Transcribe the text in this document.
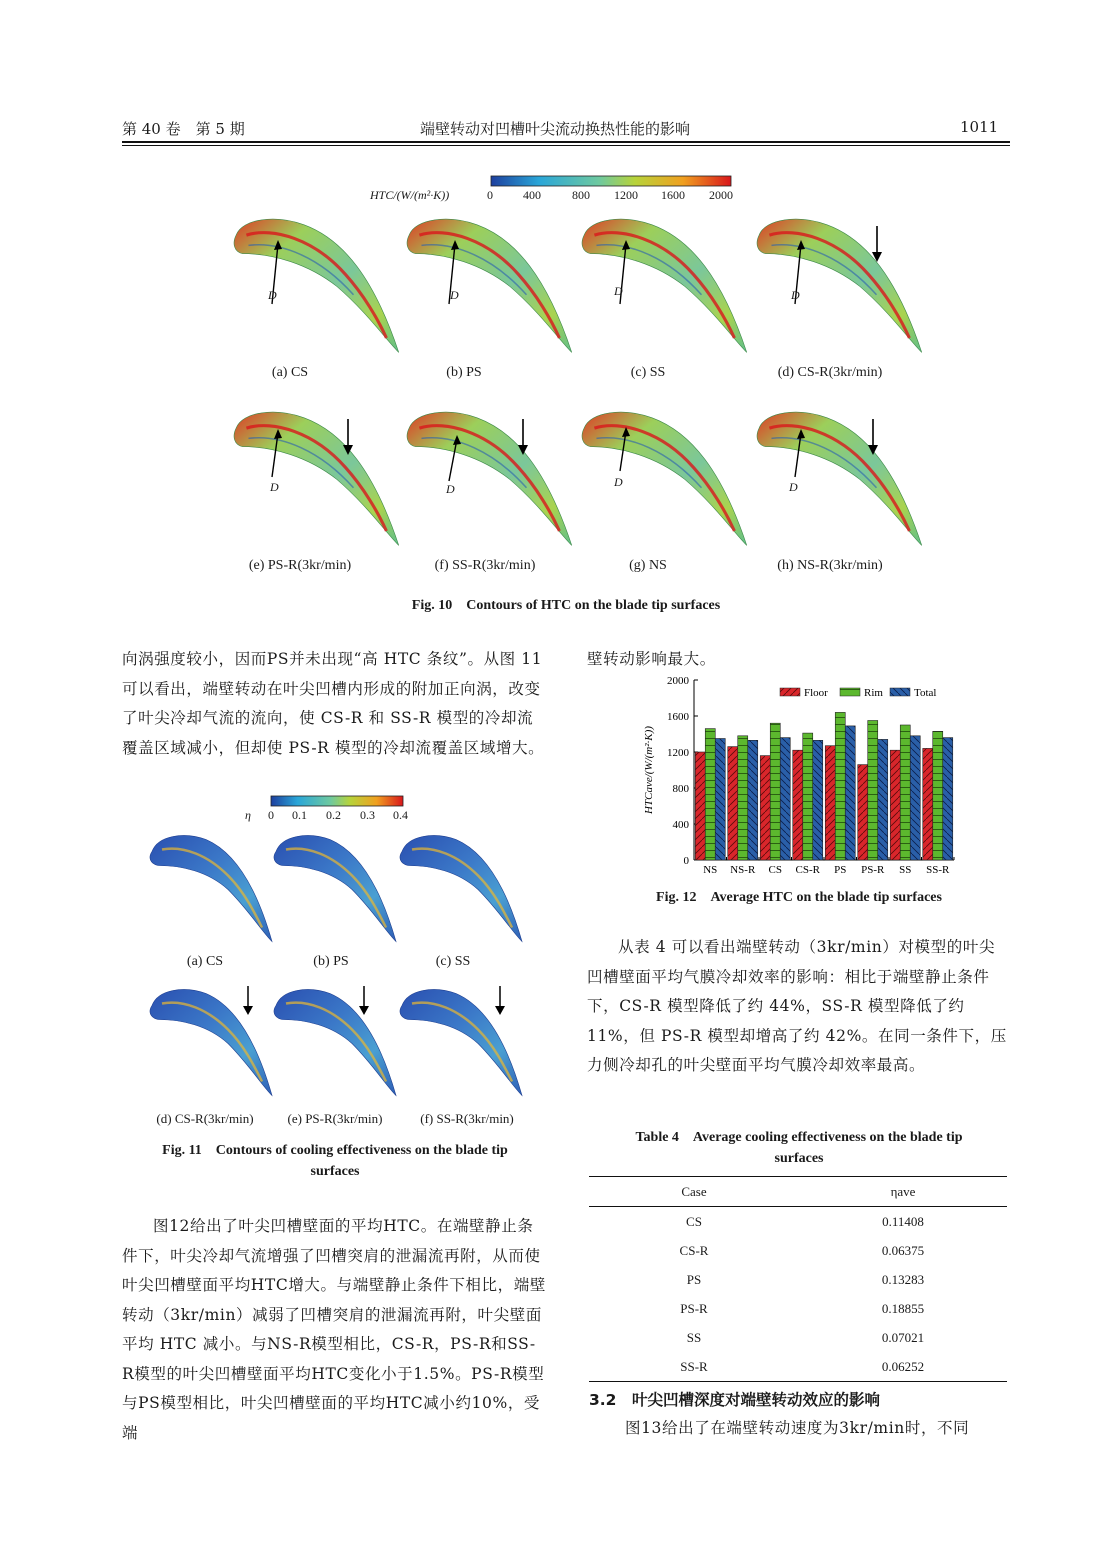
第 40 卷　第 5 期	端壁转动对凹槽叶尖流动换热性能的影响	1011
HTC/(W/(m²·K))	0	400	800 1200 1600 2000
D	D	D	D
(a) CS	(b) PS	(c) SS	(d) CS-R(3kr/min)
D	D	D	D
(e) PS-R(3kr/min)	(f) SS-R(3kr/min)	(g) NS	(h) NS-R(3kr/min)
Fig. 10　Contours of HTC on the blade tip surfaces
向涡强度较小，因而PS并未出现“高 HTC 条纹”。从图 11 可以看出，端壁转动在叶尖凹槽内形成的附加正向涡，改变了叶尖冷却气流的流向，使 CS-R 和 SS-R 模型的冷却流覆盖区域减小，但却使 PS-R 模型的冷却流覆盖区域增大。
η 0 0.1 0.2 0.3 0.4
(a) CS	(b) PS	(c) SS
(d) CS-R(3kr/min)	(e) PS-R(3kr/min)	(f) SS-R(3kr/min)
Fig. 11　Contours of cooling effectiveness on the blade tip
surfaces
图12给出了叶尖凹槽壁面的平均HTC。在端壁静止条件下，叶尖冷却气流增强了凹槽突肩的泄漏流再附，从而使叶尖凹槽壁面平均HTC增大。与端壁静止条件下相比，端壁转动（3kr/min）减弱了凹槽突肩的泄漏流再附，叶尖壁面平均 HTC 减小。与NS-R模型相比，CS-R，PS-R和SS-R模型的叶尖凹槽壁面平均HTC变化小于1.5%。PS-R模型与PS模型相比，叶尖凹槽壁面的平均HTC减小约10%，受端
壁转动影响最大。
0
400
800
1200
1600
2000
NS NS-R CS CS-R PS PS-R SS SS-R
Floor	Rim	Total
HTCave/(W/(m²·K))
Fig. 12　Average HTC on the blade tip surfaces
从表 4 可以看出端壁转动（3kr/min）对模型的叶尖凹槽壁面平均气膜冷却效率的影响：相比于端壁静止条件下，CS-R 模型降低了约 44%，SS-R 模型降低了约 11%，但 PS-R 模型却增高了约 42%。在同一条件下，压力侧冷却孔的叶尖壁面平均气膜冷却效率最高。
Table 4　Average cooling effectiveness on the blade tip
surfaces
Case	ηave
CS	0.11408
CS-R	0.06375
PS	0.13283
PS-R	0.18855
SS	0.07021
SS-R	0.06252
3.2　叶尖凹槽深度对端壁转动效应的影响
图13给出了在端壁转动速度为3kr/min时，不同
